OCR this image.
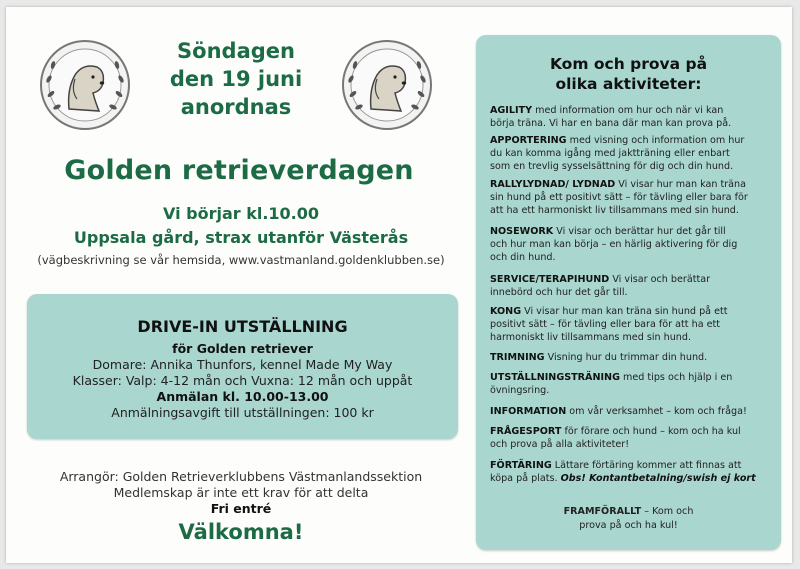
Söndagen
den 19 juni
anordnas
Golden retrieverdagen
Vi börjar kl.10.00
Uppsala gård, strax utanför Västerås
(vägbeskrivning se vår hemsida, www.vastmanland.goldenklubben.se)
DRIVE-IN UTSTÄLLNING
för Golden retriever
Domare: Annika Thunfors, kennel Made My Way
Klasser: Valp: 4-12 mån och Vuxna: 12 mån och uppåt
Anmälan kl. 10.00-13.00
Anmälningsavgift till utställningen: 100 kr
Arrangör: Golden Retrieverklubbens Västmanlandssektion
Medlemskap är inte ett krav för att delta
Fri entré
Välkomna!
Kom och prova på
olika aktiviteter:
AGILITY med information om hur och när vi kan
börja träna. Vi har en bana där man kan prova på.
APPORTERING med visning och information om hur
du kan komma igång med jaktträning eller enbart
som en trevlig sysselsättning för dig och din hund.
RALLYLYDNAD/ LYDNAD Vi visar hur man kan träna
sin hund på ett positivt sätt – för tävling eller bara för
att ha ett harmoniskt liv tillsammans med sin hund.
NOSEWORK Vi visar och berättar hur det går till
och hur man kan börja – en härlig aktivering för dig
och din hund.
SERVICE/TERAPIHUND Vi visar och berättar
innebörd och hur det går till.
KONG Vi visar hur man kan träna sin hund på ett
positivt sätt – för tävling eller bara för att ha ett
harmoniskt liv tillsammans med sin hund.
TRIMNING Visning hur du trimmar din hund.
UTSTÄLLNINGSTRÄNING med tips och hjälp i en
övningsring.
INFORMATION om vår verksamhet – kom och fråga!
FRÅGESPORT för förare och hund – kom och ha kul
och prova på alla aktiviteter!
FÖRTÄRING Lättare förtäring kommer att finnas att
köpa på plats. Obs! Kontantbetalning/swish ej kort
FRAMFÖRALLT – Kom och
prova på och ha kul!
